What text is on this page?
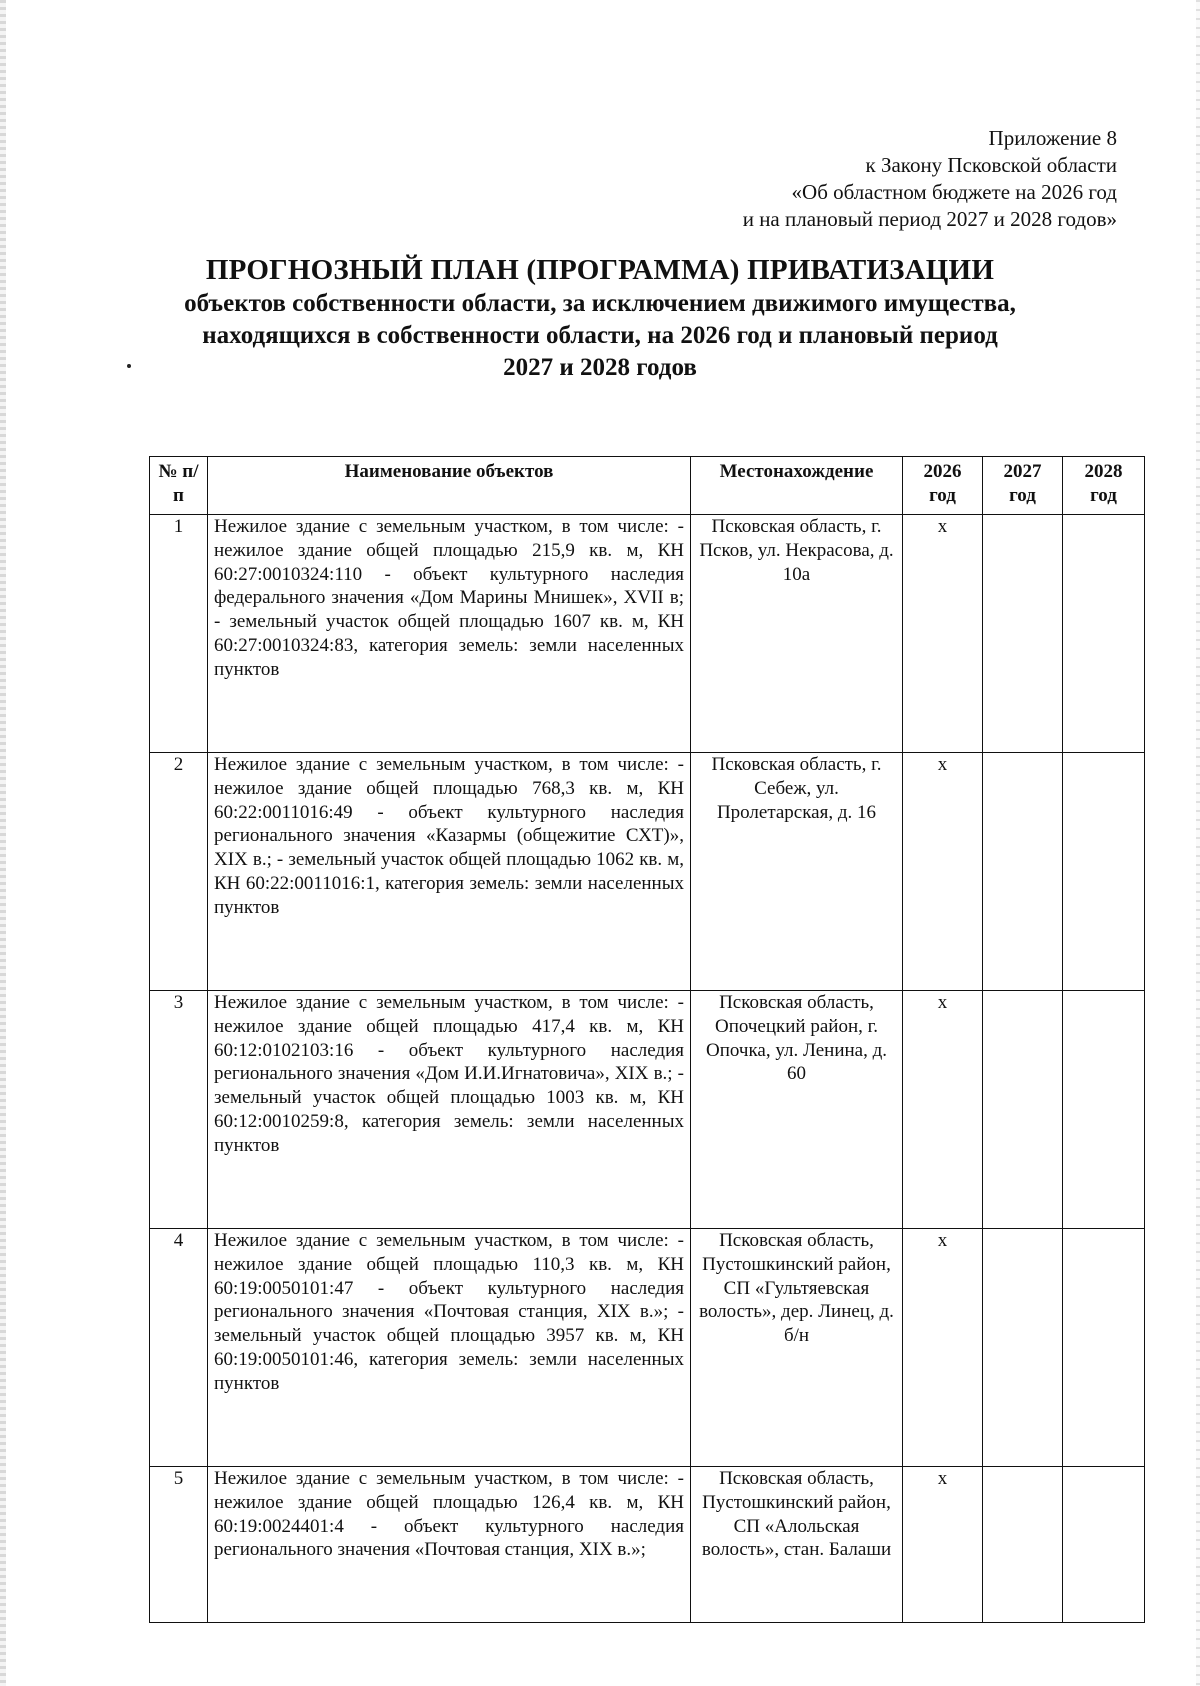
Приложение 8
к Закону Псковской области
«Об областном бюджете на 2026 год
и на плановый период 2027 и 2028 годов»
ПРОГНОЗНЫЙ ПЛАН (ПРОГРАММА) ПРИВАТИЗАЦИИ
объектов собственности области, за исключением движимого имущества,
находящихся в собственности области, на 2026 год и плановый период
2027 и 2028 годов
№ п/п	Наименование объектов	Местонахождение	2026 год	2027 год	2028 год
1	Нежилое здание с земельным участком, в том числе: - нежилое здание общей площадью 215,9 кв. м, КН 60:27:0010324:110 - объект культурного наследия федерального значения «Дом Марины Мнишек», XVII в; - земельный участок общей площадью 1607 кв. м, КН 60:27:0010324:83, категория земель: земли населенных пунктов	Псковская область, г. Псков, ул. Некрасова, д. 10а	х		
2	Нежилое здание с земельным участком, в том числе: - нежилое здание общей площадью 768,3 кв. м, КН 60:22:0011016:49 - объект культурного наследия регионального значения «Казармы (общежитие СХТ)», XIX в.; - земельный участок общей площадью 1062 кв. м, КН 60:22:0011016:1, категория земель: земли населенных пунктов	Псковская область, г. Себеж, ул. Пролетарская, д. 16	х		
3	Нежилое здание с земельным участком, в том числе: - нежилое здание общей площадью 417,4 кв. м, КН 60:12:0102103:16 - объект культурного наследия регионального значения «Дом И.И.Игнатовича», XIX в.; - земельный участок общей площадью 1003 кв. м, КН 60:12:0010259:8, категория земель: земли населенных пунктов	Псковская область, Опочецкий район, г. Опочка, ул. Ленина, д. 60	х		
4	Нежилое здание с земельным участком, в том числе: - нежилое здание общей площадью 110,3 кв. м, КН 60:19:0050101:47 - объект культурного наследия регионального значения «Почтовая станция, XIX в.»; - земельный участок общей площадью 3957 кв. м, КН 60:19:0050101:46, категория земель: земли населенных пунктов	Псковская область, Пустошкинский район, СП «Гультяевская волость», дер. Линец, д. б/н	х		
5	Нежилое здание с земельным участком, в том числе: - нежилое здание общей площадью 126,4 кв. м, КН 60:19:0024401:4 - объект культурного наследия регионального значения «Почтовая станция, XIX в.»;	Псковская область, Пустошкинский район, СП «Алольская волость», стан. Балаши	х		
